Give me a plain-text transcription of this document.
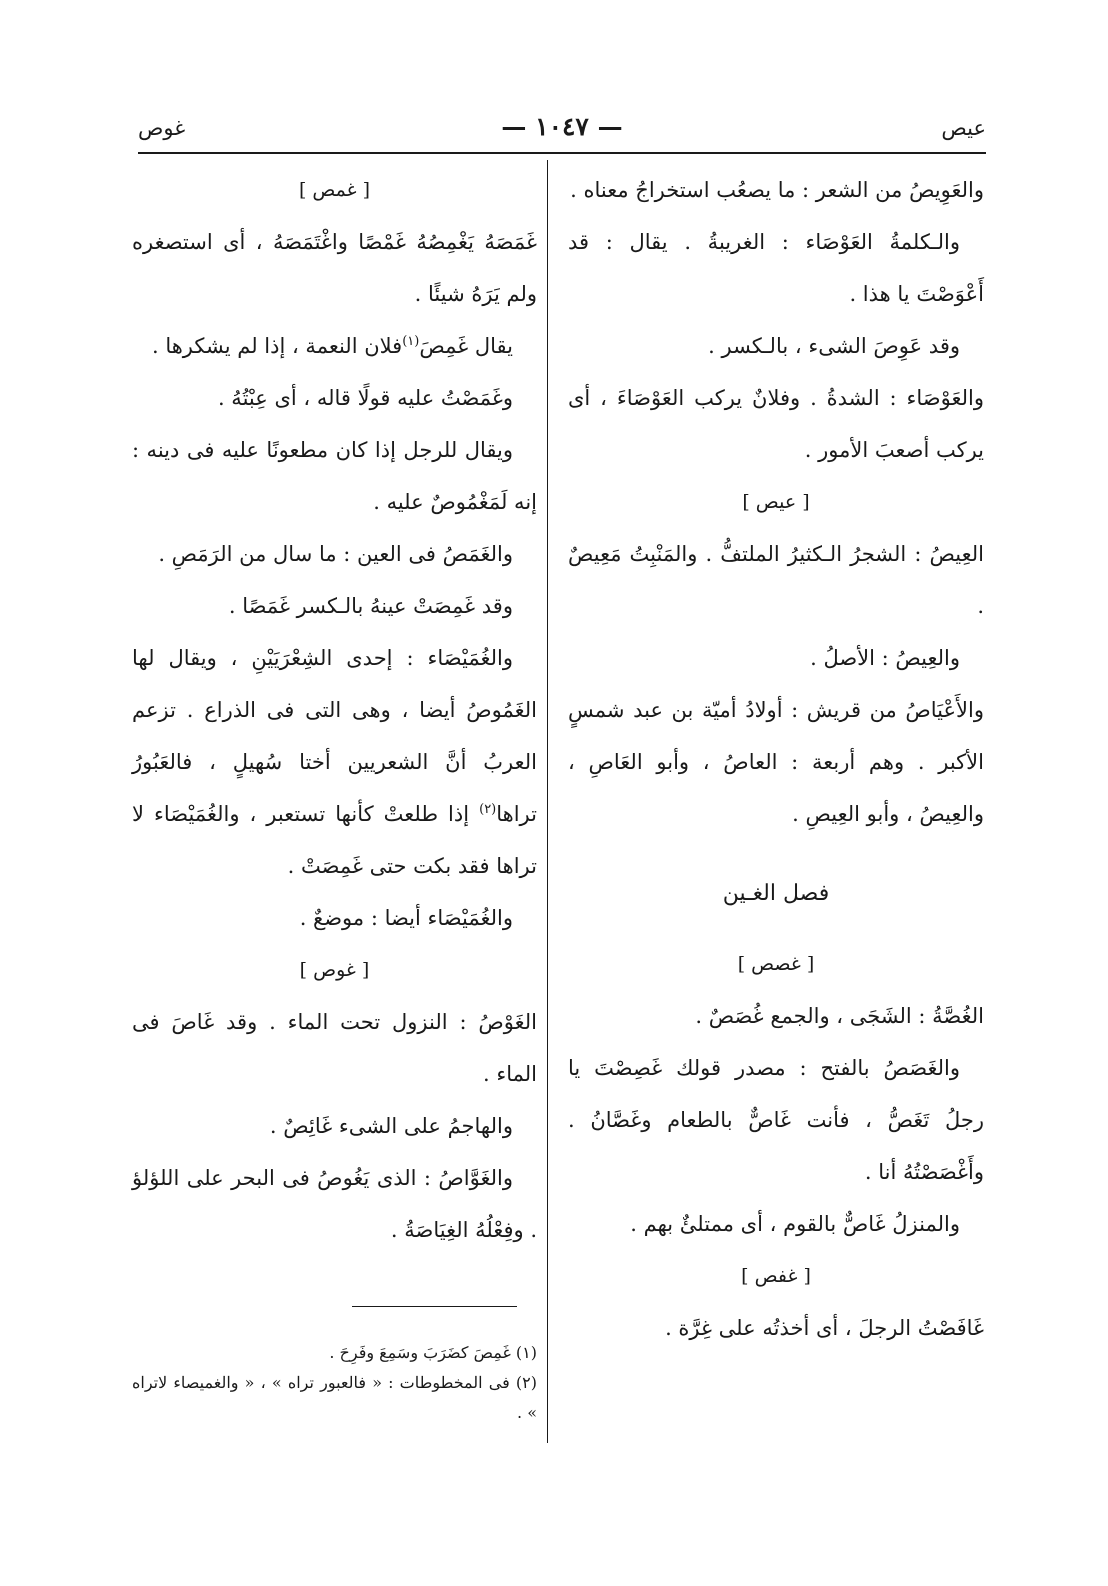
عيص
— ١٠٤٧ —
غوص

والعَوِيصُ من الشعر : ما يصعُب استخراجُ معناه .

والـكلمةُ العَوْصَاء : الغريبةُ . يقال : قد أَعْوَصْتَ يا هذا .

وقد عَوِصَ الشىء ، بالـكسر .

والعَوْصَاء : الشدةُ . وفلانٌ يركب العَوْصَاءَ ، أى يركب أصعبَ الأمور .

[ عيص ]

العِيصُ : الشجرُ الـكثيرُ الملتفُّ . والمَنْبِتُ مَعِيصٌ .

والعِيصُ : الأصلُ .

والأَعْيَاصُ من قريش : أولادُ أميّة بن عبد شمسٍ الأكبر . وهم أربعة : العاصُ ، وأبو العَاصِ ، والعِيصُ ، وأبو العِيصِ .

فصل الغـين

[ غصص ]

الغُصَّةُ : الشَجَى ، والجمع غُصَصٌ .

والغَصَصُ بالفتح : مصدر قولك غَصِصْتَ يا رجلُ تَغَصُّ ، فأنت غَاصٌّ بالطعام وغَصَّانُ . وأَغْصَصْتُهُ أنا .

والمنزلُ غَاصٌّ بالقوم ، أى ممتلئٌ بهم .

[ غفص ]

غَافَصْتُ الرجلَ ، أى أخذتُه على غِرَّة .

[ غمص ]

غَمَصَهُ يَغْمِصُهُ غَمْصًا واغْتَمَصَهُ ، أى استصغره ولم يَرَهُ شيئًا .

يقال غَمِصَ$^{(١)}$فلان النعمة ، إذا لم يشكرها .

وغَمَصْتُ عليه قولًا قاله ، أى عِبْتُهُ .

ويقال للرجل إذا كان مطعونًا عليه فى دينه : إنه لَمَغْمُوصٌ عليه .

والغَمَصُ فى العين : ما سال من الرَمَصِ .

وقد غَمِصَتْ عينهُ بالـكسر غَمَصًا .

والغُمَيْصَاء : إحدى الشِعْرَيَيْنِ ، ويقال لها الغَمُوصُ أيضا ، وهى التى فى الذراع . تزعم العربُ أنَّ الشعريين أختا سُهيلٍ ، فالعَبُورُ تراها$^{(٢)}$ إذا طلعتْ كأنها تستعبر ، والغُمَيْصَاء لا تراها فقد بكت حتى غَمِصَتْ .

والغُمَيْصَاء أيضا : موضعٌ .

[ غوص ]

الغَوْصُ : النزول تحت الماء . وقد غَاصَ فى الماء .

والهاجمُ على الشىء غَائِصٌ .

والغَوَّاصُ : الذى يَغُوصُ فى البحر على اللؤلؤ . وفِعْلُهُ الغِيَاصَةُ .

(١) غَمِصَ كضَرَبَ وسَمِعَ وفَرِحَ .

(٢) فى المخطوطات : « فالعبور تراه » ، « والغميصاء لاتراه » .
